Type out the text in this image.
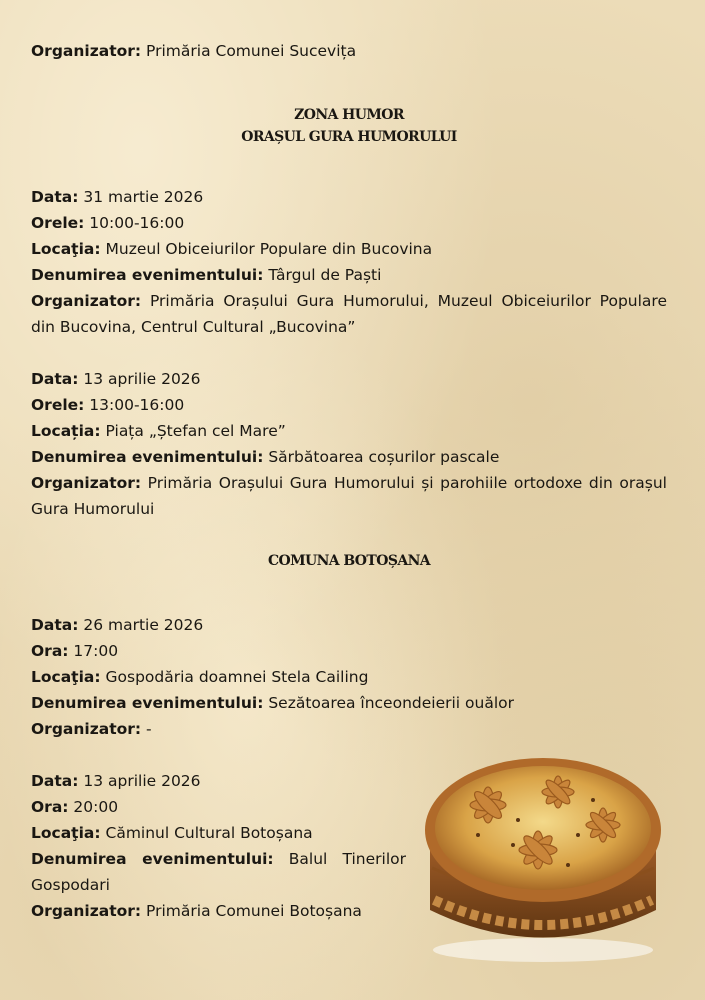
Organizator: Primăria Comunei Sucevița

ZONA HUMOR

ORAȘUL GURA HUMORULUI

Data: 31 martie 2026

Orele: 10:00-16:00

Locaţia: Muzeul Obiceiurilor Populare din Bucovina

Denumirea evenimentului: Târgul de Paști

Organizator: Primăria Orașului Gura Humorului, Muzeul Obiceiurilor Populare din Bucovina, Centrul Cultural „Bucovina”

Data: 13 aprilie 2026

Orele: 13:00-16:00

Locația: Piața „Ștefan cel Mare”

Denumirea evenimentului: Sărbătoarea coșurilor pascale

Organizator: Primăria Orașului Gura Humorului și parohiile ortodoxe din orașul Gura Humorului

COMUNA BOTOȘANA

Data: 26 martie 2026

Ora: 17:00

Locaţia: Gospodăria doamnei Stela Cailing

Denumirea evenimentului: Sezătoarea înceondeierii ouălor

Organizator: -

Data: 13 aprilie 2026

Ora: 20:00

Locaţia: Căminul Cultural Botoșana

Denumirea evenimentului: Balul Tinerilor Gospodari

Organizator: Primăria Comunei Botoșana
